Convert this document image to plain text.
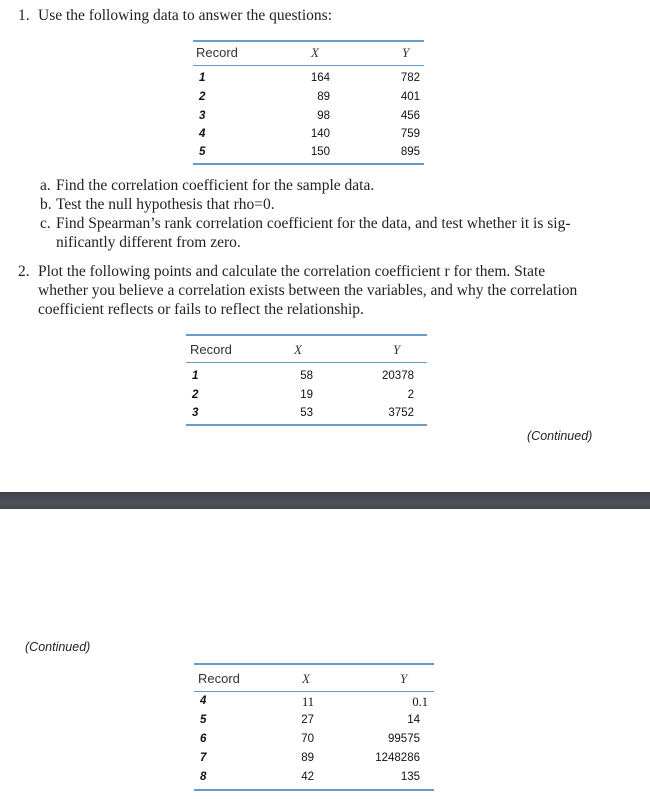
1. Use the following data to answer the questions:
Record	X	Y
1	164	782
2	89	401
3	98	456
4	140	759
5	150	895
a. Find the correlation coefficient for the sample data.
b. Test the null hypothesis that rho=0.
c. Find Spearman’s rank correlation coefficient for the data, and test whether it is sig-
nificantly different from zero.
2. Plot the following points and calculate the correlation coefficient r for them. State
whether you believe a correlation exists between the variables, and why the correlation
coefficient reflects or fails to reflect the relationship.
Record	X	Y
1	58	20378
2	19	2
3	53	3752
(Continued)
(Continued)
Record	X	Y
4	11	0.1
5	27	14
6	70	99575
7	89	1248286
8	42	135
